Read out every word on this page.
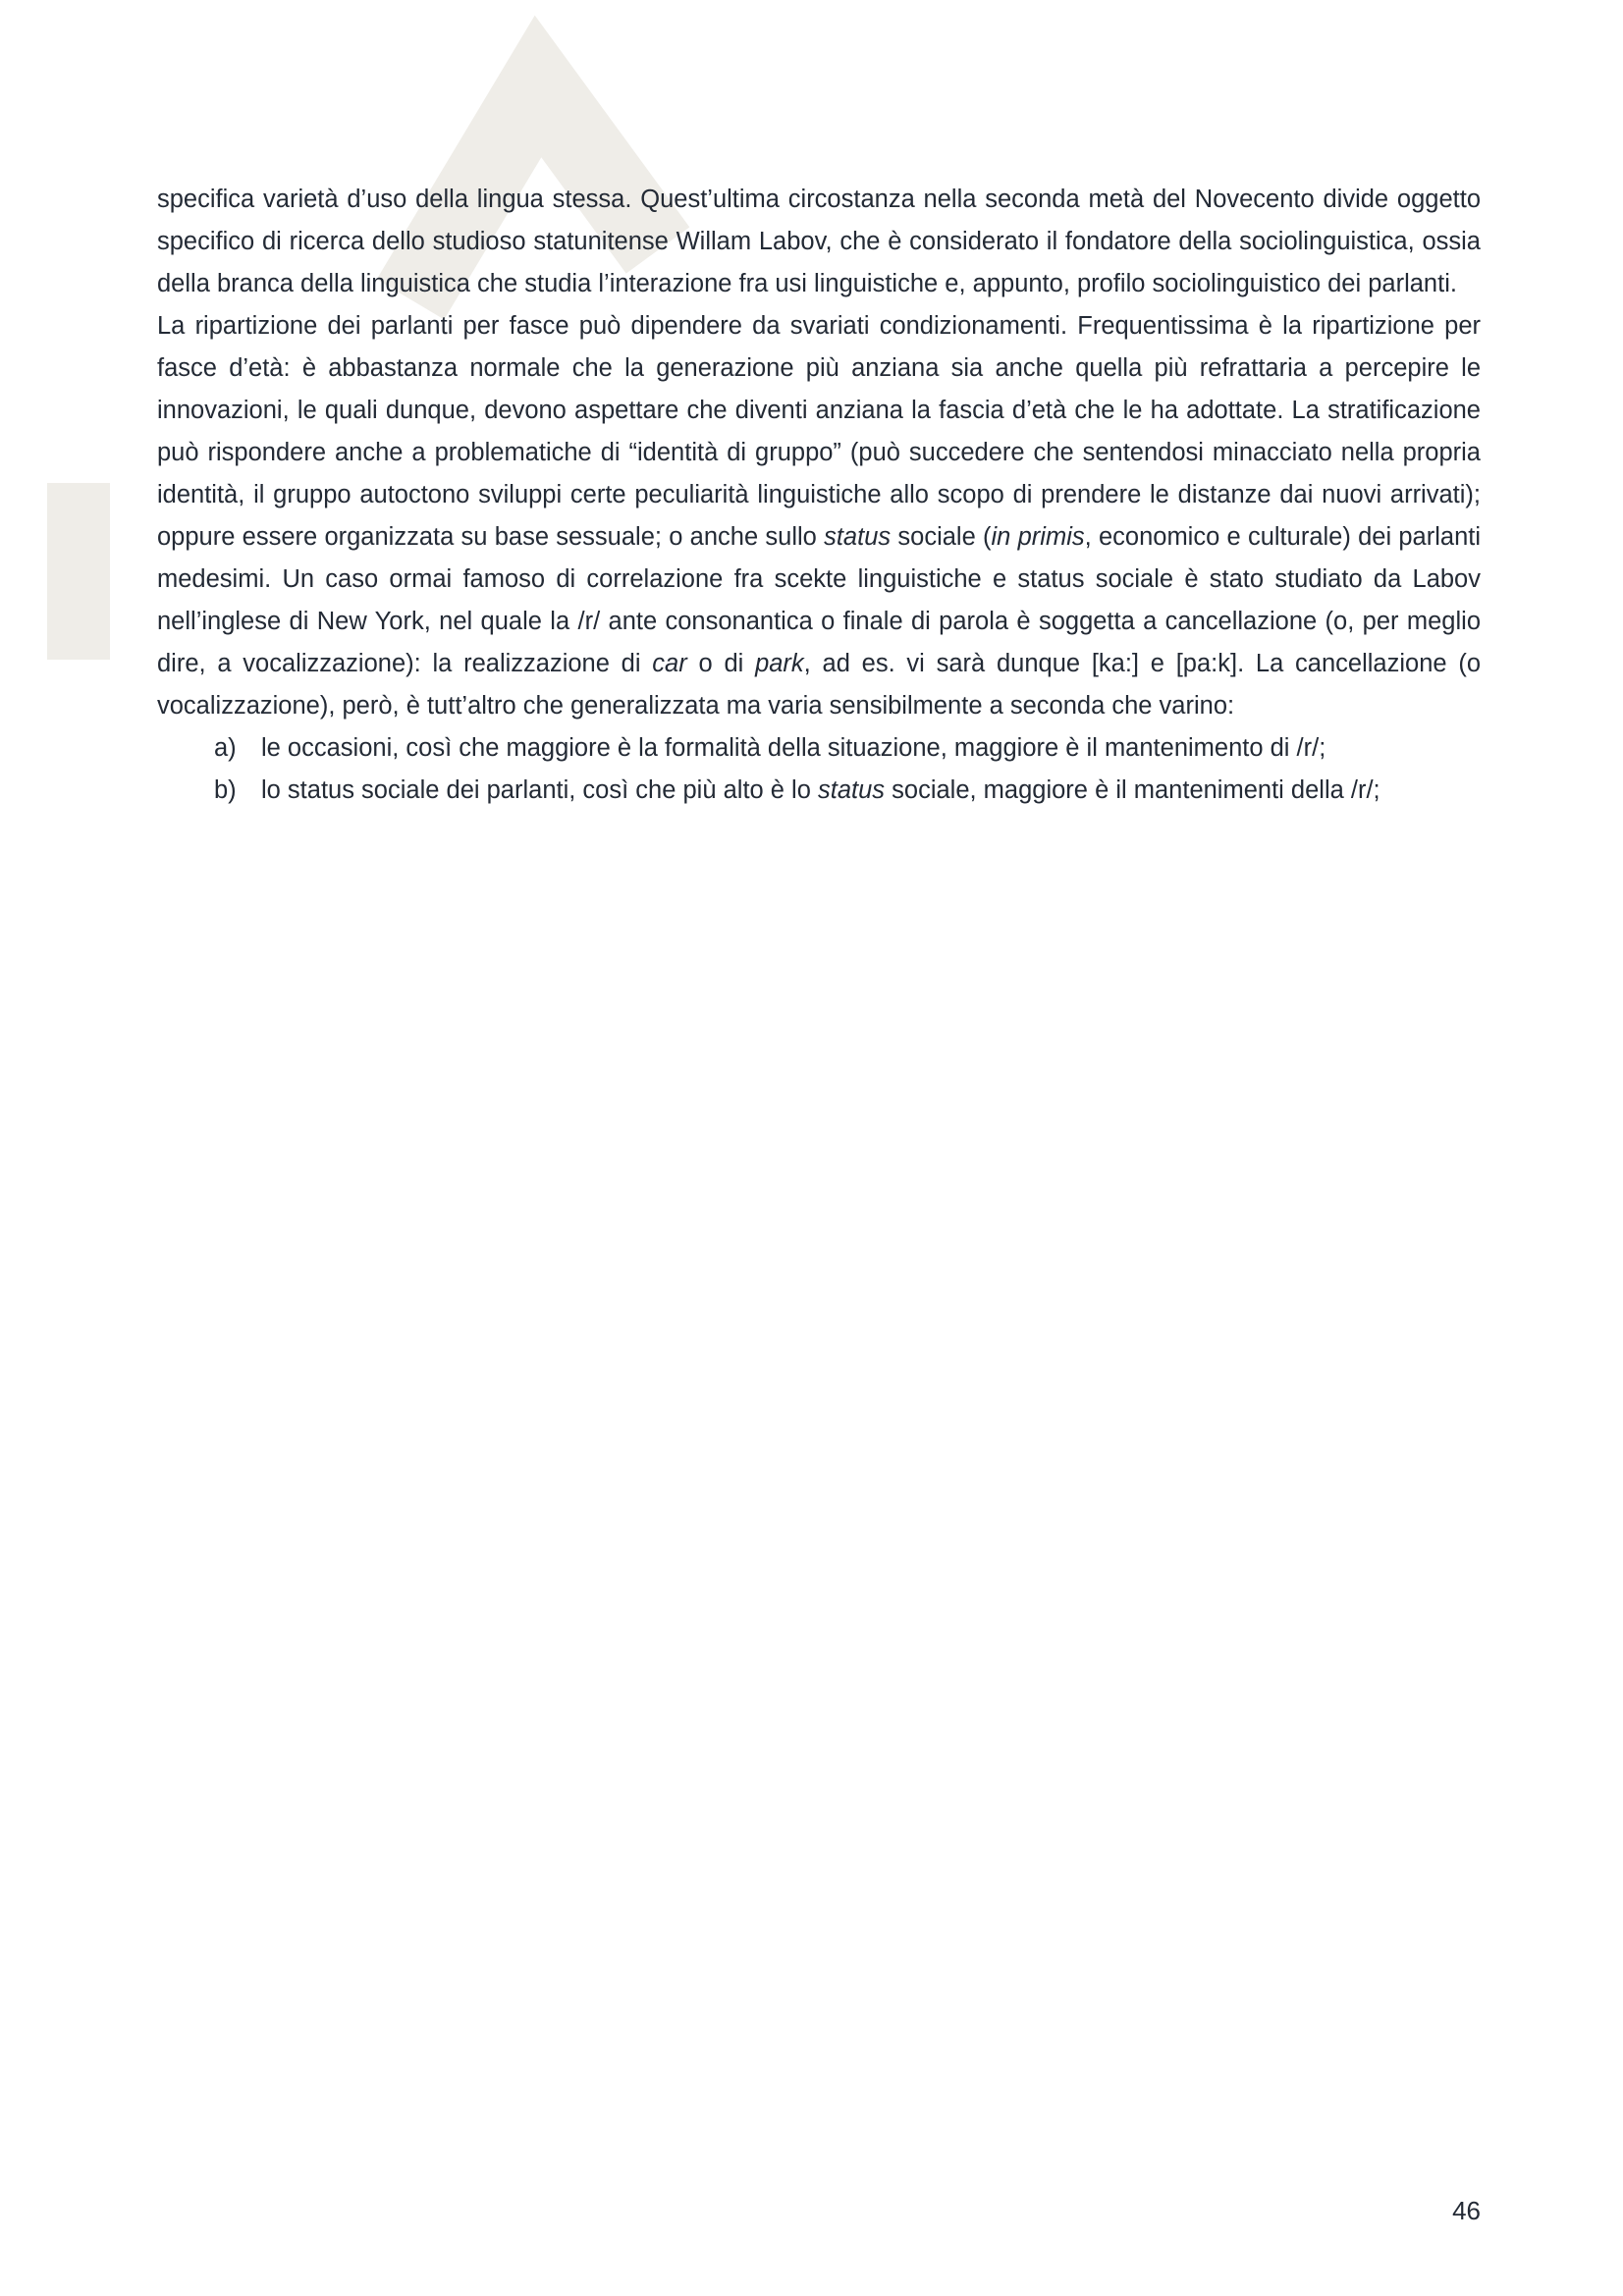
specifica varietà d’uso della lingua stessa. Quest’ultima circostanza nella seconda metà del Novecento divide oggetto specifico di ricerca dello studioso statunitense Willam Labov, che è considerato il fondatore della sociolinguistica, ossia della branca della linguistica che studia l’interazione fra usi linguistiche e, appunto, profilo sociolinguistico dei parlanti.

La ripartizione dei parlanti per fasce può dipendere da svariati condizionamenti. Frequentissima è la ripartizione per fasce d’età: è abbastanza normale che la generazione più anziana sia anche quella più refrattaria a percepire le innovazioni, le quali dunque, devono aspettare che diventi anziana la fascia d’età che le ha adottate. La stratificazione può rispondere anche a problematiche di “identità di gruppo” (può succedere che sentendosi minacciato nella propria identità, il gruppo autoctono sviluppi certe peculiarità linguistiche allo scopo di prendere le distanze dai nuovi arrivati); oppure essere organizzata su base sessuale; o anche sullo status sociale (in primis, economico e culturale) dei parlanti medesimi. Un caso ormai famoso di correlazione fra scekte linguistiche e status sociale è stato studiato da Labov nell’inglese di New York, nel quale la /r/ ante consonantica o finale di parola è soggetta a cancellazione (o, per meglio dire, a vocalizzazione): la realizzazione di car o di park, ad es. vi sarà dunque [ka:] e [pa:k]. La cancellazione (o vocalizzazione), però, è tutt’altro che generalizzata ma varia sensibilmente a seconda che varino:

a) le occasioni, così che maggiore è la formalità della situazione, maggiore è il mantenimento di /r/;
b) lo status sociale dei parlanti, così che più alto è lo status sociale, maggiore è il mantenimenti della /r/;
46
